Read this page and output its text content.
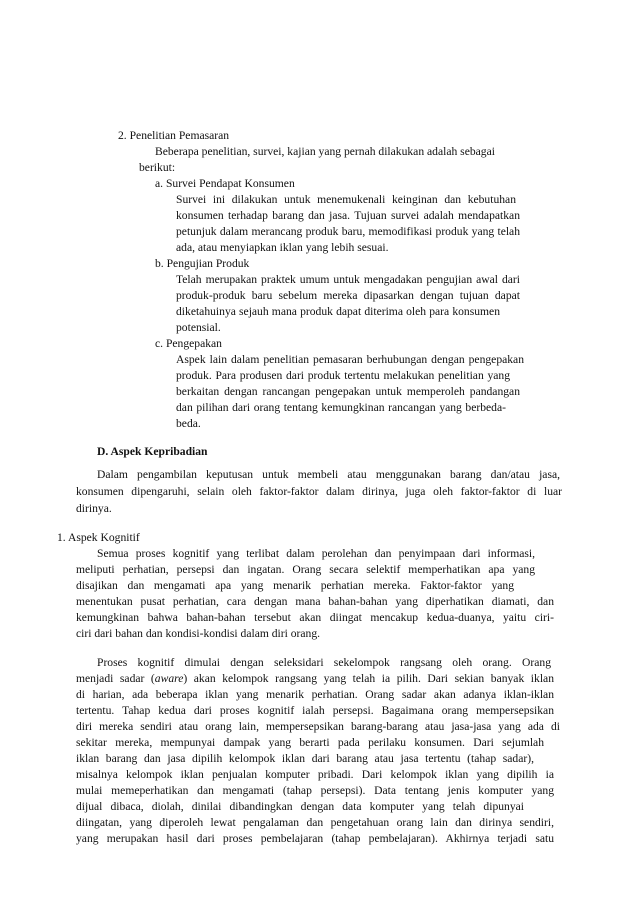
2. Penelitian Pemasaran
Beberapa penelitian, survei, kajian yang pernah dilakukan adalah sebagai
berikut:
a. Survei Pendapat Konsumen
Survei ini dilakukan untuk menemukenali keinginan dan kebutuhan
konsumen terhadap barang dan jasa. Tujuan survei adalah mendapatkan
petunjuk dalam merancang produk baru, memodifikasi produk yang telah
ada, atau menyiapkan iklan yang lebih sesuai.
b. Pengujian Produk
Telah merupakan praktek umum untuk mengadakan pengujian awal dari
produk-produk baru sebelum mereka dipasarkan dengan tujuan dapat
diketahuinya sejauh mana produk dapat diterima oleh para konsumen
potensial.
c. Pengepakan
Aspek lain dalam penelitian pemasaran berhubungan dengan pengepakan
produk. Para produsen dari produk tertentu melakukan penelitian yang
berkaitan dengan rancangan pengepakan untuk memperoleh pandangan
dan pilihan dari orang tentang kemungkinan rancangan yang berbeda-
beda.
D. Aspek Kepribadian
Dalam pengambilan keputusan untuk membeli atau menggunakan barang dan/atau jasa,
konsumen dipengaruhi, selain oleh faktor-faktor dalam dirinya, juga oleh faktor-faktor di luar
dirinya.
1. Aspek Kognitif
Semua proses kognitif yang terlibat dalam perolehan dan penyimpaan dari informasi,
meliputi perhatian, persepsi dan ingatan. Orang secara selektif memperhatikan apa yang
disajikan dan mengamati apa yang menarik perhatian mereka. Faktor-faktor yang
menentukan pusat perhatian, cara dengan mana bahan-bahan yang diperhatikan diamati, dan
kemungkinan bahwa bahan-bahan tersebut akan diingat mencakup kedua-duanya, yaitu ciri-
ciri dari bahan dan kondisi-kondisi dalam diri orang.
Proses kognitif dimulai dengan seleksidari sekelompok rangsang oleh orang. Orang
menjadi sadar (aware) akan kelompok rangsang yang telah ia pilih. Dari sekian banyak iklan
di harian, ada beberapa iklan yang menarik perhatian. Orang sadar akan adanya iklan-iklan
tertentu. Tahap kedua dari proses kognitif ialah persepsi. Bagaimana orang mempersepsikan
diri mereka sendiri atau orang lain, mempersepsikan barang-barang atau jasa-jasa yang ada di
sekitar mereka, mempunyai dampak yang berarti pada perilaku konsumen. Dari sejumlah
iklan barang dan jasa dipilih kelompok iklan dari barang atau jasa tertentu (tahap sadar),
misalnya kelompok iklan penjualan komputer pribadi. Dari kelompok iklan yang dipilih ia
mulai memeperhatikan dan mengamati (tahap persepsi). Data tentang jenis komputer yang
dijual dibaca, diolah, dinilai dibandingkan dengan data komputer yang telah dipunyai
diingatan, yang diperoleh lewat pengalaman dan pengetahuan orang lain dan dirinya sendiri,
yang merupakan hasil dari proses pembelajaran (tahap pembelajaran). Akhirnya terjadi satu
